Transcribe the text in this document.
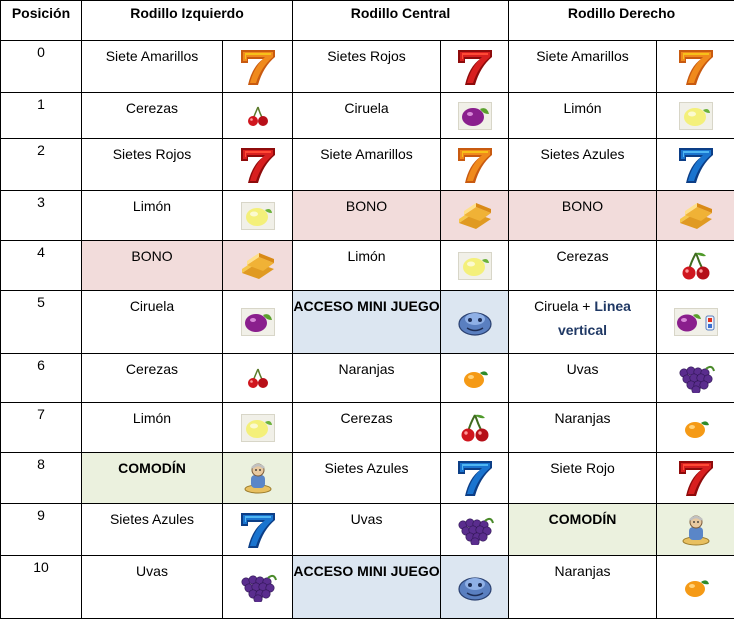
Posición	Rodillo Izquierdo		Rodillo Central		Rodillo Derecho	
0	Siete Amarillos		Sietes Rojos		Siete Amarillos	

1	Cerezas		Ciruela		Limón	

2	Sietes Rojos		Siete Amarillos		Sietes Azules	

3	Limón		BONO		BONO	

4	BONO		Limón		Cerezas	

5	Ciruela		ACCESO MINI JUEGO		Ciruela + Linea vertical	

6	Cerezas		Naranjas		Uvas	

7	Limón		Cerezas		Naranjas	

8	COMODÍN		Sietes Azules		Siete Rojo	

9	Sietes Azules		Uvas		COMODÍN	

10	Uvas		ACCESO MINI JUEGO		Naranjas	
